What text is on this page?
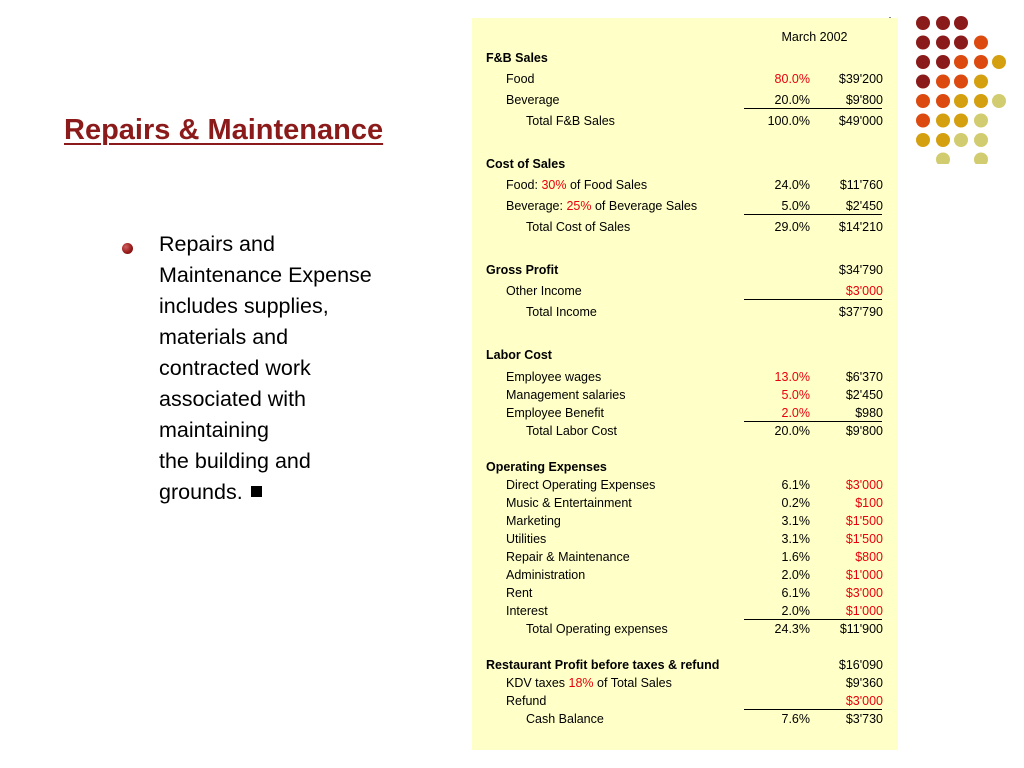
Repairs & Maintenance

Repairs and
Maintenance Expense
includes supplies,
materials and
contracted work
associated with
maintaining
the building and
grounds.

March 2002
F&B Sales
Food	80.0%	$39'200
Beverage	20.0%	$9'800
Total F&B Sales	100.0%	$49'000
Cost of Sales
Food: 30% of Food Sales	24.0%	$11'760
Beverage: 25% of Beverage Sales	5.0%	$2'450
Total Cost of Sales	29.0%	$14'210
Gross Profit	$34'790
Other Income	$3'000
Total Income	$37'790
Labor Cost
Employee wages	13.0%	$6'370
Management salaries	5.0%	$2'450
Employee Benefit	2.0%	$980
Total Labor Cost	20.0%	$9'800
Operating Expenses
Direct Operating Expenses	6.1%	$3'000
Music & Entertainment	0.2%	$100
Marketing	3.1%	$1'500
Utilities	3.1%	$1'500
Repair & Maintenance	1.6%	$800
Administration	2.0%	$1'000
Rent	6.1%	$3'000
Interest	2.0%	$1'000
Total Operating expenses	24.3%	$11'900
Restaurant Profit before taxes & refund	$16'090
KDV taxes 18% of Total Sales	$9'360
Refund	$3'000
Cash Balance	7.6%	$3'730
